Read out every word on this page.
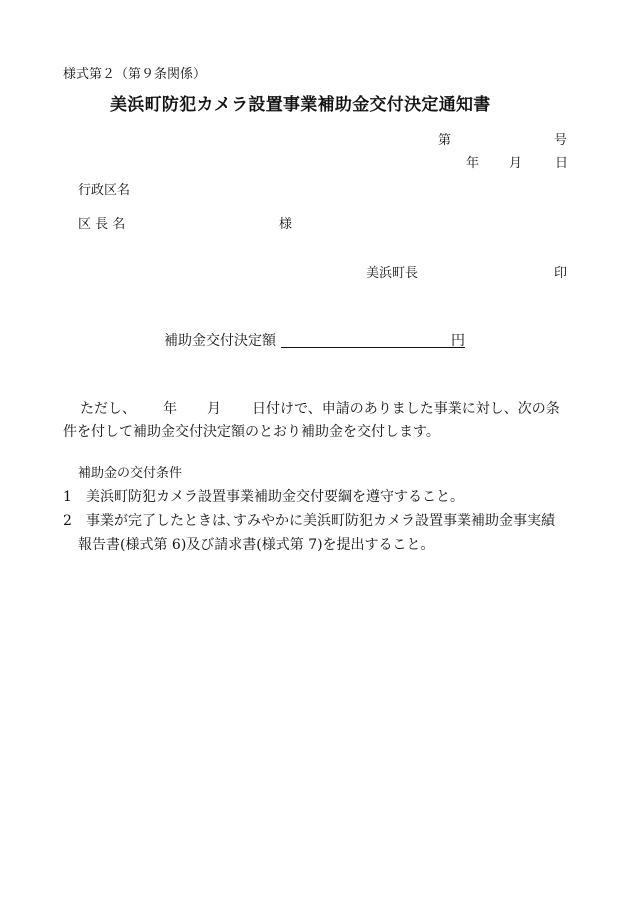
様式第２（第９条関係）
美浜町防犯カメラ設置事業補助金交付決定通知書
第	号
年 月	日
行政区名
区 長 名	様
美浜町長	印
補助金交付決定額	円
ただし、 年 月 日付けで、申請のありました事業に対し、次の条
件を付して補助金交付決定額のとおり補助金を交付します。
補助金の交付条件
1 美浜町防犯カメラ設置事業補助金交付要綱を遵守すること。
2 事業が完了したときは､すみやかに美浜町防犯カメラ設置事業補助金事実績
報告書(様式第 6)及び請求書(様式第 7)を提出すること。
